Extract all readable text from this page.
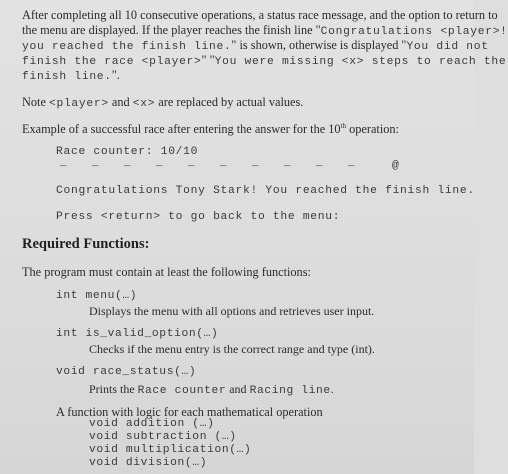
After completing all 10 consecutive operations, a status race message, and the option to return to
the menu are displayed. If the player reaches the finish line "Congratulations <player>!
you reached the finish line." is shown, otherwise is displayed "You did not
finish the race <player>" "You were missing <x> steps to reach the
finish line.".
Note <player> and <x> are replaced by actual values.
Example of a successful race after entering the answer for the 10th operation:
Race counter: 10/10
_ _ _ _ _ _ _ _ _ _	@
Congratulations Tony Stark! You reached the finish line.
Press <return> to go back to the menu:
Required Functions:
The program must contain at least the following functions:
int menu(…)
Displays the menu with all options and retrieves user input.
int is_valid_option(…)
Checks if the menu entry is the correct range and type (int).
void race_status(…)
Prints the Race counter and Racing line.
A function with logic for each mathematical operation
void addition (…)
void subtraction (…)
void multiplication(…)
void division(…)
